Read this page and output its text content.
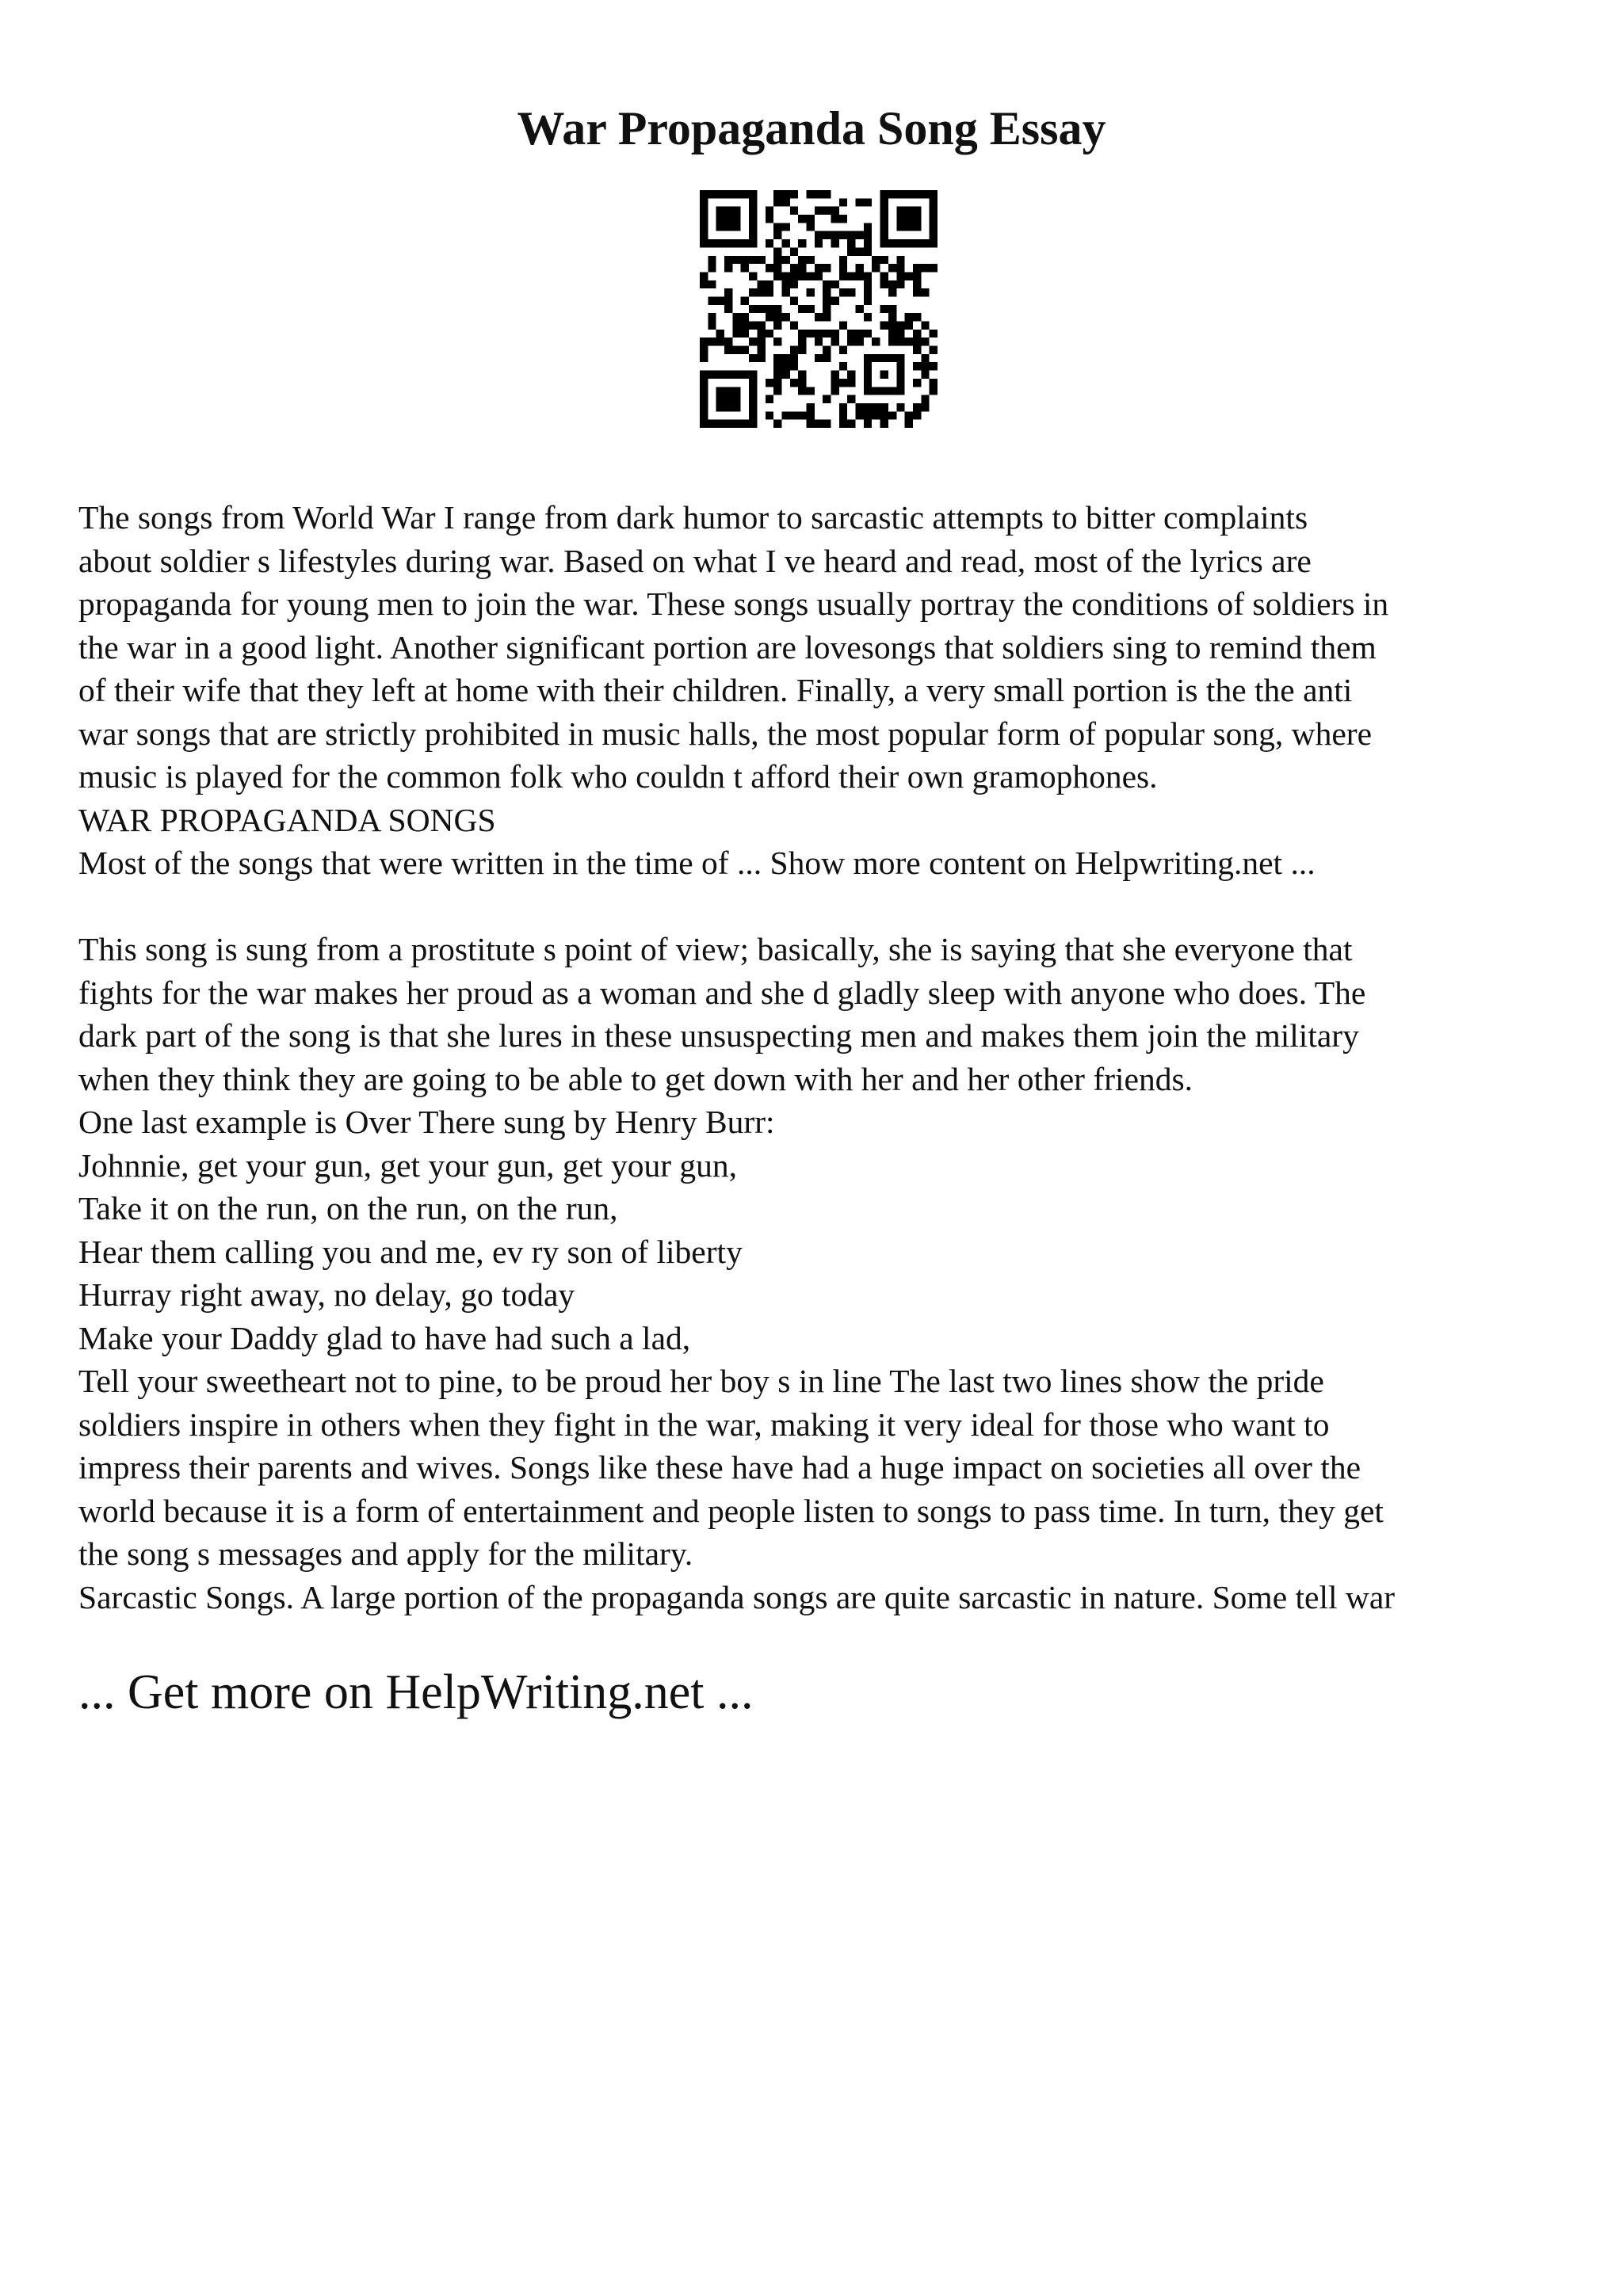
War Propaganda Song Essay
The songs from World War I range from dark humor to sarcastic attempts to bitter complaints
about soldier s lifestyles during war. Based on what I ve heard and read, most of the lyrics are
propaganda for young men to join the war. These songs usually portray the conditions of soldiers in
the war in a good light. Another significant portion are lovesongs that soldiers sing to remind them
of their wife that they left at home with their children. Finally, a very small portion is the the anti
war songs that are strictly prohibited in music halls, the most popular form of popular song, where
music is played for the common folk who couldn t afford their own gramophones.
WAR PROPAGANDA SONGS
Most of the songs that were written in the time of ... Show more content on Helpwriting.net ...
This song is sung from a prostitute s point of view; basically, she is saying that she everyone that
fights for the war makes her proud as a woman and she d gladly sleep with anyone who does. The
dark part of the song is that she lures in these unsuspecting men and makes them join the military
when they think they are going to be able to get down with her and her other friends.
One last example is Over There sung by Henry Burr:
Johnnie, get your gun, get your gun, get your gun,
Take it on the run, on the run, on the run,
Hear them calling you and me, ev ry son of liberty
Hurray right away, no delay, go today
Make your Daddy glad to have had such a lad,
Tell your sweetheart not to pine, to be proud her boy s in line The last two lines show the pride
soldiers inspire in others when they fight in the war, making it very ideal for those who want to
impress their parents and wives. Songs like these have had a huge impact on societies all over the
world because it is a form of entertainment and people listen to songs to pass time. In turn, they get
the song s messages and apply for the military.
Sarcastic Songs. A large portion of the propaganda songs are quite sarcastic in nature. Some tell war
... Get more on HelpWriting.net ...
